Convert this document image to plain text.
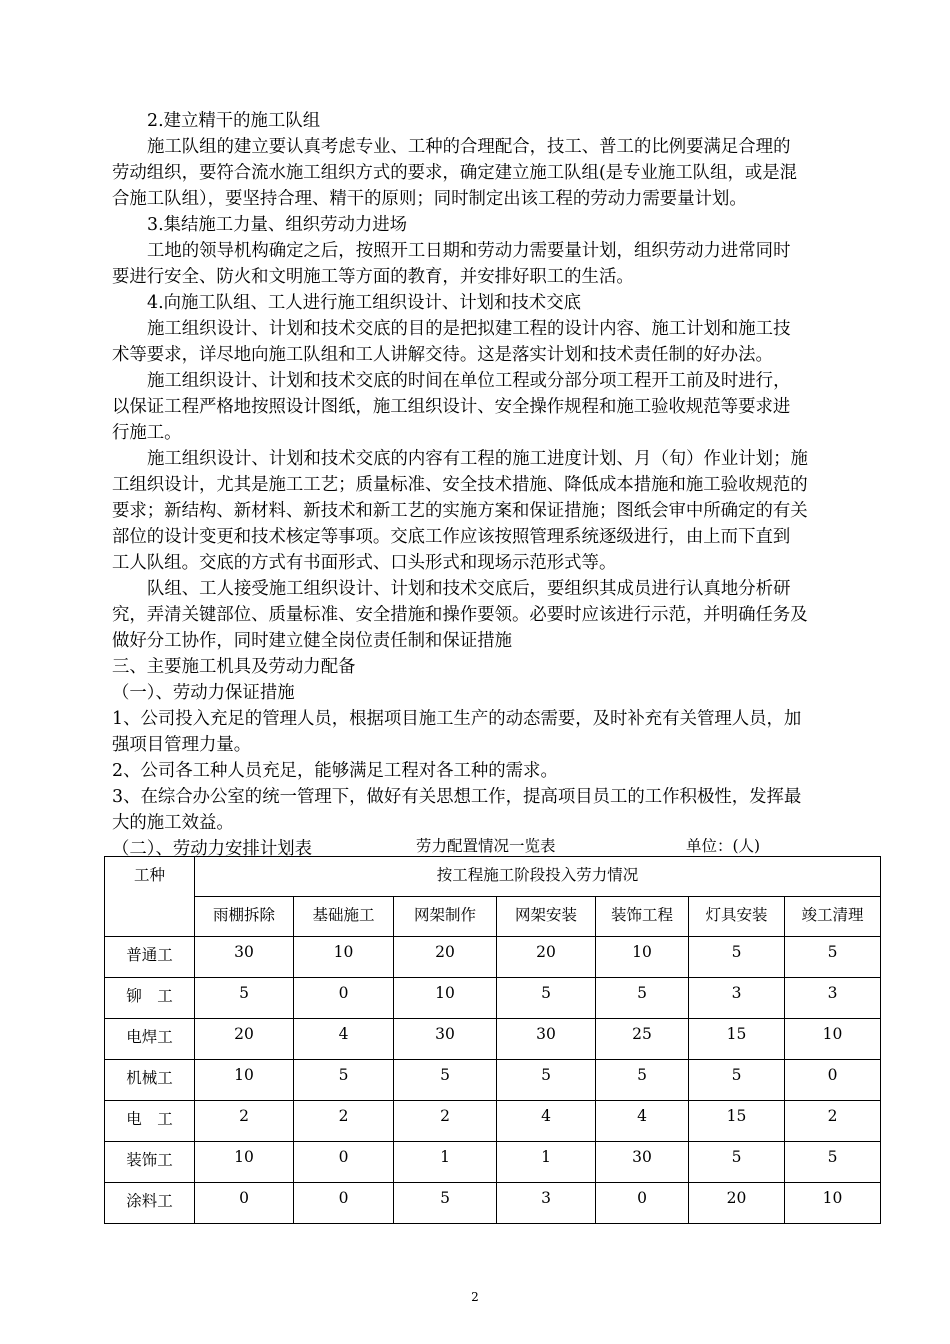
2.建立精干的施工队组

施工队组的建立要认真考虑专业、工种的合理配合，技工、普工的比例要满足合理的

劳动组织，要符合流水施工组织方式的要求，确定建立施工队组(是专业施工队组，或是混

合施工队组），要坚持合理、精干的原则；同时制定出该工程的劳动力需要量计划。

3.集结施工力量、组织劳动力进场

工地的领导机构确定之后，按照开工日期和劳动力需要量计划，组织劳动力进常同时

要进行安全、防火和文明施工等方面的教育，并安排好职工的生活。

4.向施工队组、工人进行施工组织设计、计划和技术交底

施工组织设计、计划和技术交底的目的是把拟建工程的设计内容、施工计划和施工技

术等要求，详尽地向施工队组和工人讲解交待。这是落实计划和技术责任制的好办法。

施工组织设计、计划和技术交底的时间在单位工程或分部分项工程开工前及时进行，

以保证工程严格地按照设计图纸，施工组织设计、安全操作规程和施工验收规范等要求进

行施工。

施工组织设计、计划和技术交底的内容有工程的施工进度计划、月（旬）作业计划；施

工组织设计，尤其是施工工艺；质量标准、安全技术措施、降低成本措施和施工验收规范的

要求；新结构、新材料、新技术和新工艺的实施方案和保证措施；图纸会审中所确定的有关

部位的设计变更和技术核定等事项。交底工作应该按照管理系统逐级进行，由上而下直到

工人队组。交底的方式有书面形式、口头形式和现场示范形式等。

队组、工人接受施工组织设计、计划和技术交底后，要组织其成员进行认真地分析研

究，弄清关键部位、质量标准、安全措施和操作要领。必要时应该进行示范，并明确任务及

做好分工协作，同时建立健全岗位责任制和保证措施

三、主要施工机具及劳动力配备

（一）、劳动力保证措施

1、公司投入充足的管理人员，根据项目施工生产的动态需要，及时补充有关管理人员，加

强项目管理力量。

2、公司各工种人员充足，能够满足工程对各工种的需求。

3、在综合办公室的统一管理下，做好有关思想工作，提高项目员工的工作积极性，发挥最

大的施工效益。

（二）、劳动力安排计划表	劳力配置情况一览表	单位：(人)
工种	按工程施工阶段投入劳力情况						
	雨棚拆除	基础施工	网架制作	网架安装	装饰工程	灯具安装	竣工清理
普通工	30	10	20	20	10	5	5
铆　工	5	0	10	5	5	3	3
电焊工	20	4	30	30	25	15	10
机械工	10	5	5	5	5	5	0
电　工	2	2	2	4	4	15	2
装饰工	10	0	1	1	30	5	5
涂料工	0	0	5	3	0	20	10
2
